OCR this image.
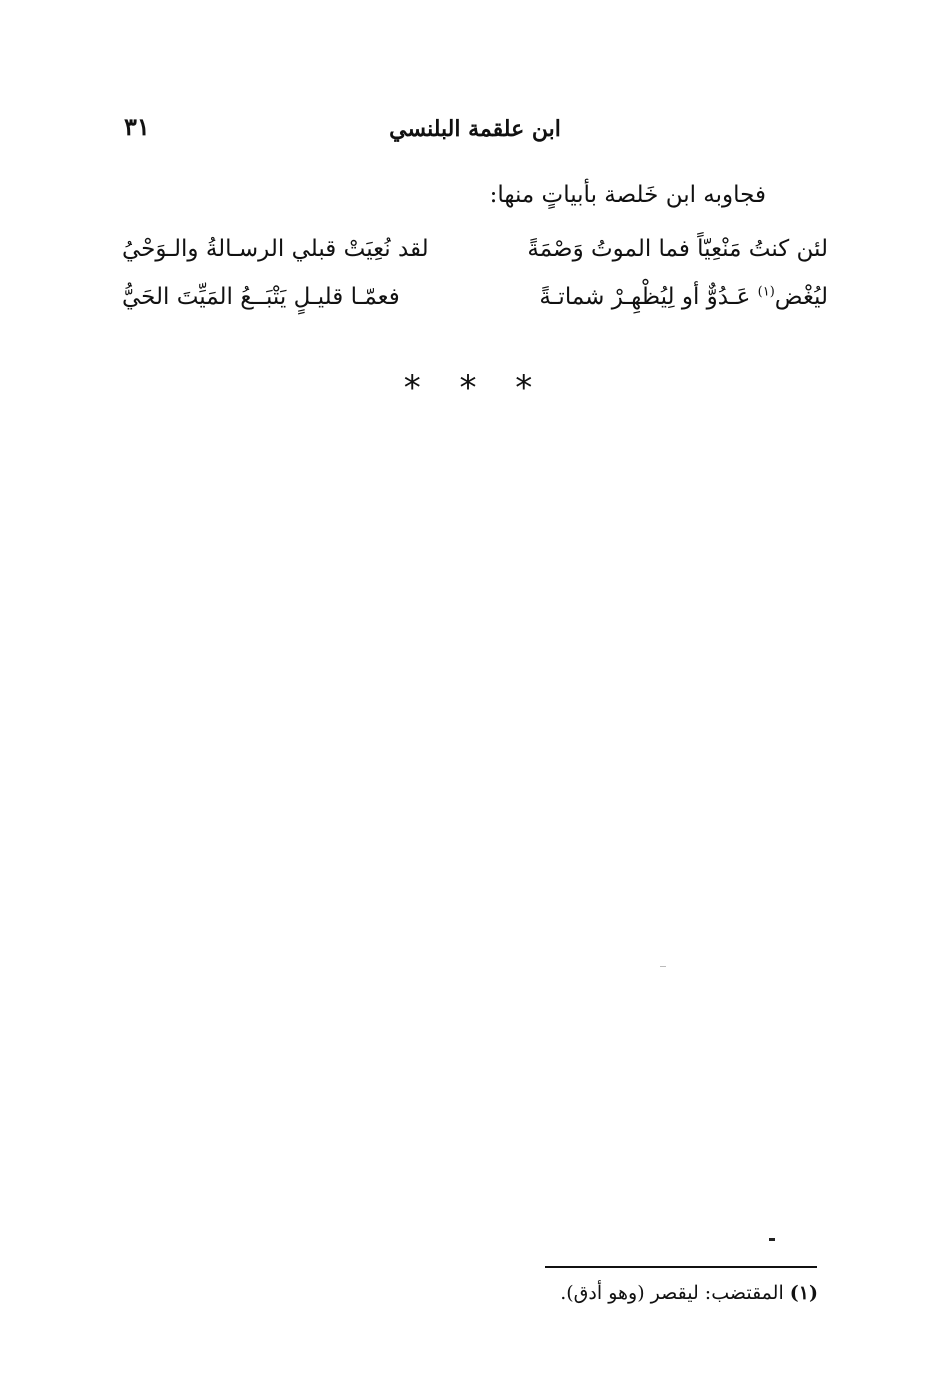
٣١	ابن علقمة البلنسي
فجاوبه ابن خَلصة بأبياتٍ منها:
لئن كنتُ مَنْعِيّاً فما الموتُ وَصْمَةً
لقد نُعِيَتْ قبلي الرسـالةُ والـوَحْيُ
ليُغْض$^{(١)}$ عَـدُوٌّ أو لِيُظْهِـرْ شماتـةً
فعمّـا قليـلٍ يَتْبَــعُ المَيِّتَ الحَيُّ
* * *
(١) المقتضب: ليقصر (وهو أدق).
